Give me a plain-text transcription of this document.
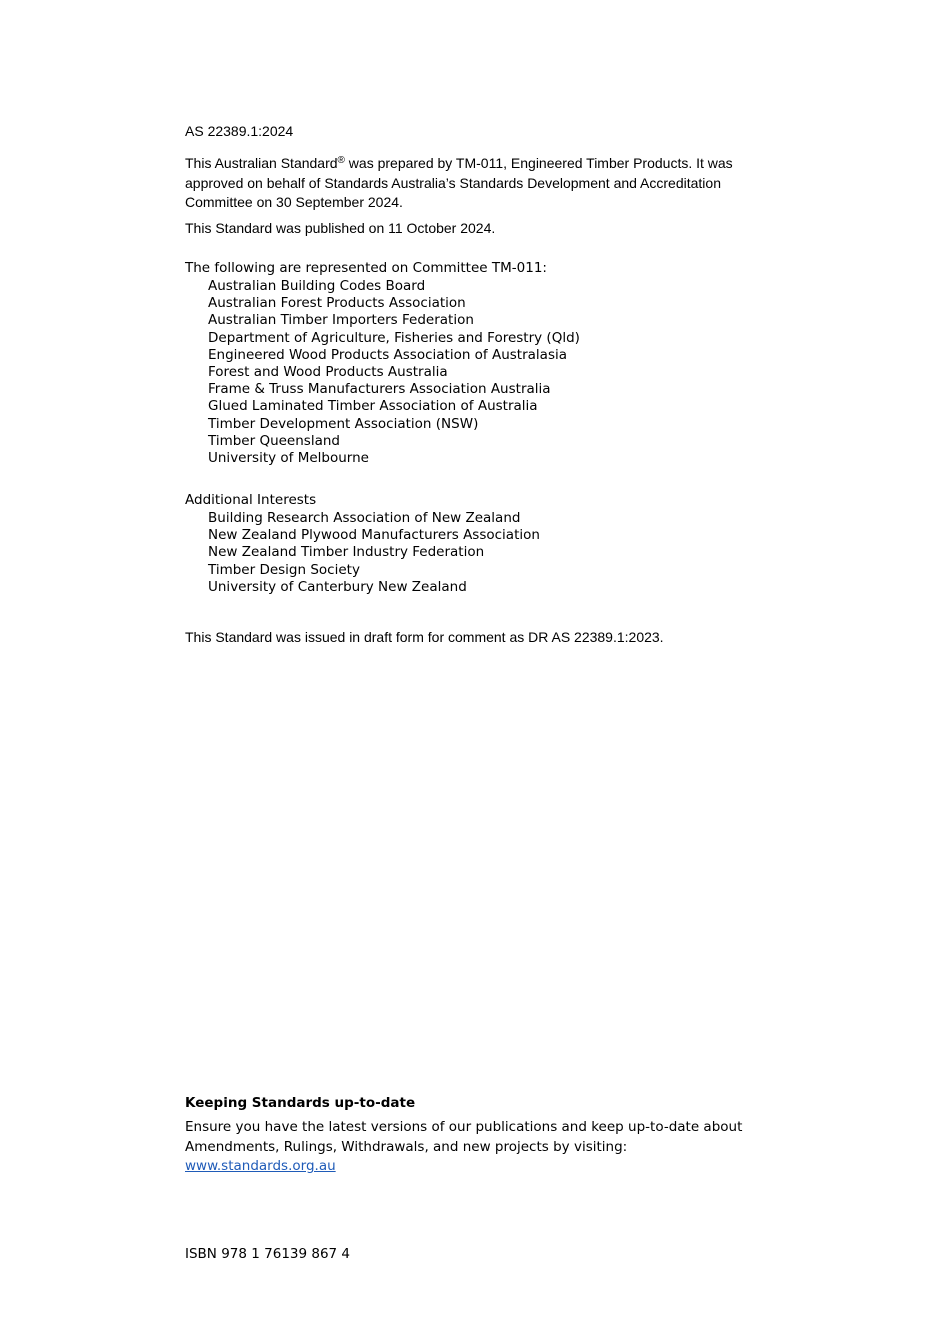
AS 22389.1:2024

This Australian Standard® was prepared by TM-011, Engineered Timber Products. It was approved on behalf of Standards Australia’s Standards Development and Accreditation Committee on 30 September 2024.

This Standard was published on 11 October 2024.
The following are represented on Committee TM-011:
Australian Building Codes Board
Australian Forest Products Association
Australian Timber Importers Federation
Department of Agriculture, Fisheries and Forestry (Qld)
Engineered Wood Products Association of Australasia
Forest and Wood Products Australia
Frame & Truss Manufacturers Association Australia
Glued Laminated Timber Association of Australia
Timber Development Association (NSW)
Timber Queensland
University of Melbourne
Additional Interests
Building Research Association of New Zealand
New Zealand Plywood Manufacturers Association
New Zealand Timber Industry Federation
Timber Design Society
University of Canterbury New Zealand
This Standard was issued in draft form for comment as DR AS 22389.1:2023.
Keeping Standards up-to-date

Ensure you have the latest versions of our publications and keep up-to-date about Amendments, Rulings, Withdrawals, and new projects by visiting:

www.standards.org.au
ISBN 978 1 76139 867 4
